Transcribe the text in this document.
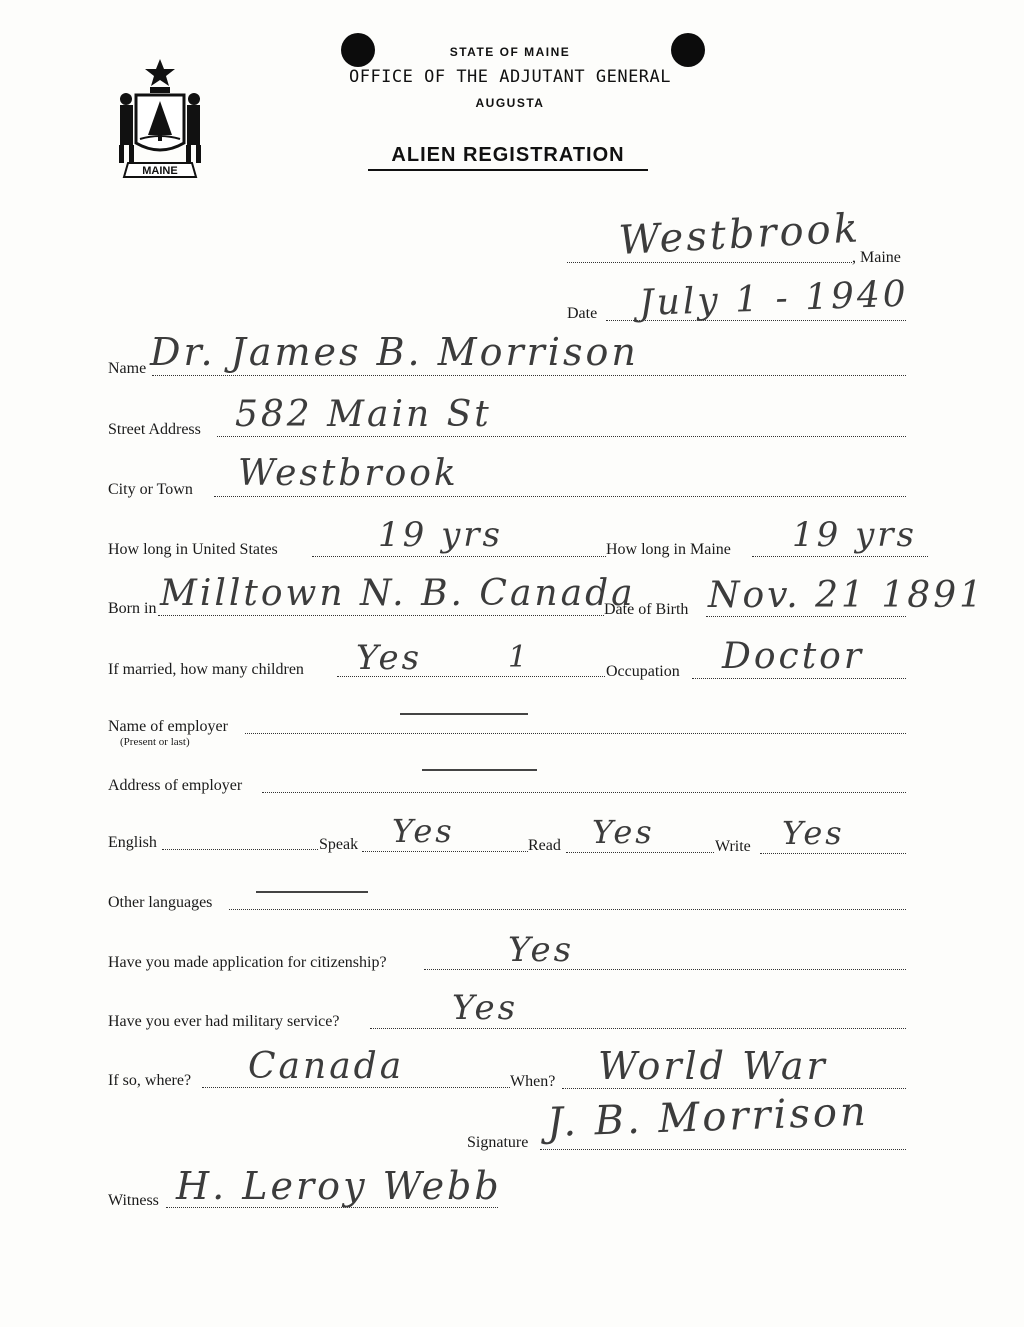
MAINE
STATE OF MAINE
OFFICE OF THE ADJUTANT GENERAL
AUGUSTA
ALIEN REGISTRATION
, Maine
Westbrook
Date July 1 - 1940
Name Dr. James B. Morrison
Street Address 582 Main St
City or Town Westbrook
How long in United States	19 yrs	How long in Maine 19 yrs
Born in Milltown N. B. Canada
Date of Birth Nov. 21 1891
If married, how many children Yes	1	Occupation Doctor
Name of employer
(Present or last)
Address of employer
English	Speak Yes	Read Yes	Write Yes
Other languages
Have you made application for citizenship?	Yes
Have you ever had military service?	Yes
If so, where? Canada	When? World War
Signature J. B. Morrison
Witness H. Leroy Webb
